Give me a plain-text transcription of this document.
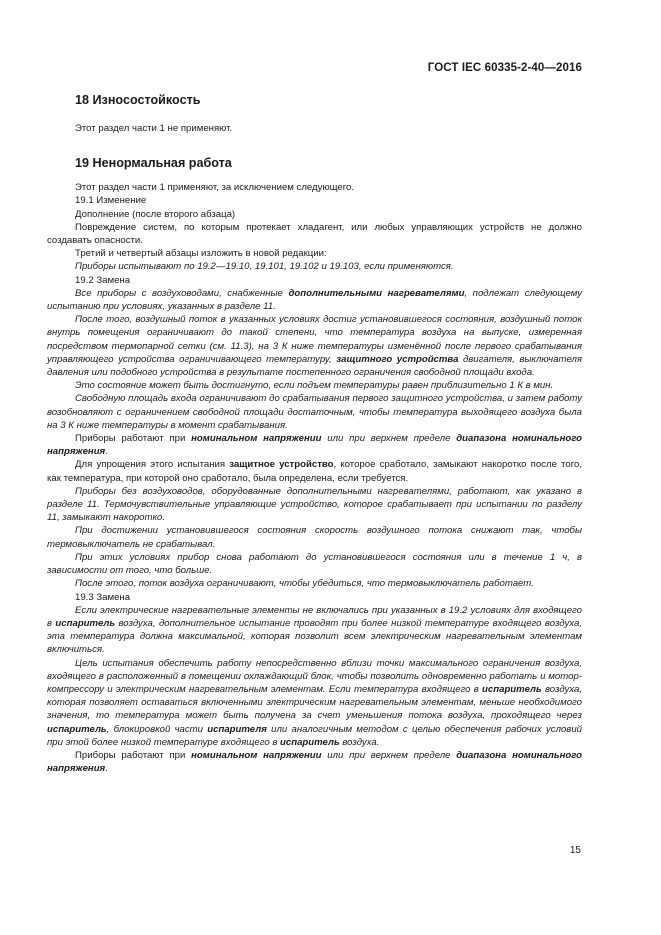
ГОСТ IEC 60335-2-40—2016
18 Износостойкость

Этот раздел части 1 не применяют.

19 Ненормальная работа

Этот раздел части 1 применяют, за исключением следующего.

19.1 Изменение

Дополнение (после второго абзаца)

Повреждение систем, по которым протекает хладагент, или любых управляющих устройств не должно создавать опасности.

Третий и четвертый абзацы изложить в новой редакции:

Приборы испытывают по 19.2—19.10, 19.101, 19.102 и 19.103, если применяются.

19.2 Замена

Все приборы с воздуховодами, снабженные дополнительными нагревателями, подлежат следующему испытанию при условиях, указанных в разделе 11.

После того, воздушный поток в указанных условиях достиг установившегося состояния, воздушный поток внутрь помещения ограничивают до такой степени, что температура воздуха на выпуске, измеренная посредством термопарной сетки (см. 11.3), на 3 К ниже температуры изменённой после первого срабатывания управляющего устройства ограничивающего температуру, защитного устройства двигателя, выключателя давления или подобного устройства в результате постепенного ограничения свободной площади входа.

Это состояние может быть достигнуто, если подъем температуры равен приблизительно 1 К в мин.

Свободную площадь входа ограничивают до срабатывания первого защитного устройства, и затем работу возобновляют с ограничением свободной площади достаточным, чтобы температура выходящего воздуха была на 3 К ниже температуры в момент срабатывания.

Приборы работают при номинальном напряжении или при верхнем пределе диапазона номинального напряжения.

Для упрощения этого испытания защитное устройство, которое сработало, замыкают накоротко после того, как температура, при которой оно сработало, была определена, если требуется.

Приборы без воздуховодов, оборудованные дополнительными нагревателями, работают, как указано в разделе 11. Термочувствительные управляющие устройство, которое срабатывает при испытании по разделу 11, замыкают накоротко.

При достижении установившегося состояния скорость воздушного потока снижают так, чтобы термовыключатель не срабатывал.

При этих условиях прибор снова работают до установившегося состояния или в течение 1 ч, в зависимости от того, что больше.

После этого, поток воздуха ограничивают, чтобы убедиться, что термовыключатель работает.

19.3 Замена

Если электрические нагревательные элементы не включались при указанных в 19.2 условиях для входящего в испаритель воздуха, дополнительное испытание проводят при более низкой температуре входящего воздуха, эта температура должна максимальной, которая позволит всем электрическим нагревательным элементам включиться.

Цель испытания обеспечить работу непосредственно вблизи точки максимального ограничения воздуха, входящего в расположенный в помещении охлаждающий блок, чтобы позволить одновременно работать и мотор-компрессору и электрическим нагревательным элементам. Если температура входящего в испаритель воздуха, которая позволяет оставаться включенными электрическим нагревательным элементам, меньше необходимого значения, то температура может быть получена за счет уменьшения потока воздуха, проходящего через испаритель, блокировкой части испарителя или аналогичным методом с целью обеспечения рабочих условий при этой более низкой температуре входящего в испаритель воздуха.

Приборы работают при номинальном напряжении или при верхнем пределе диапазона номинального напряжения.

15
